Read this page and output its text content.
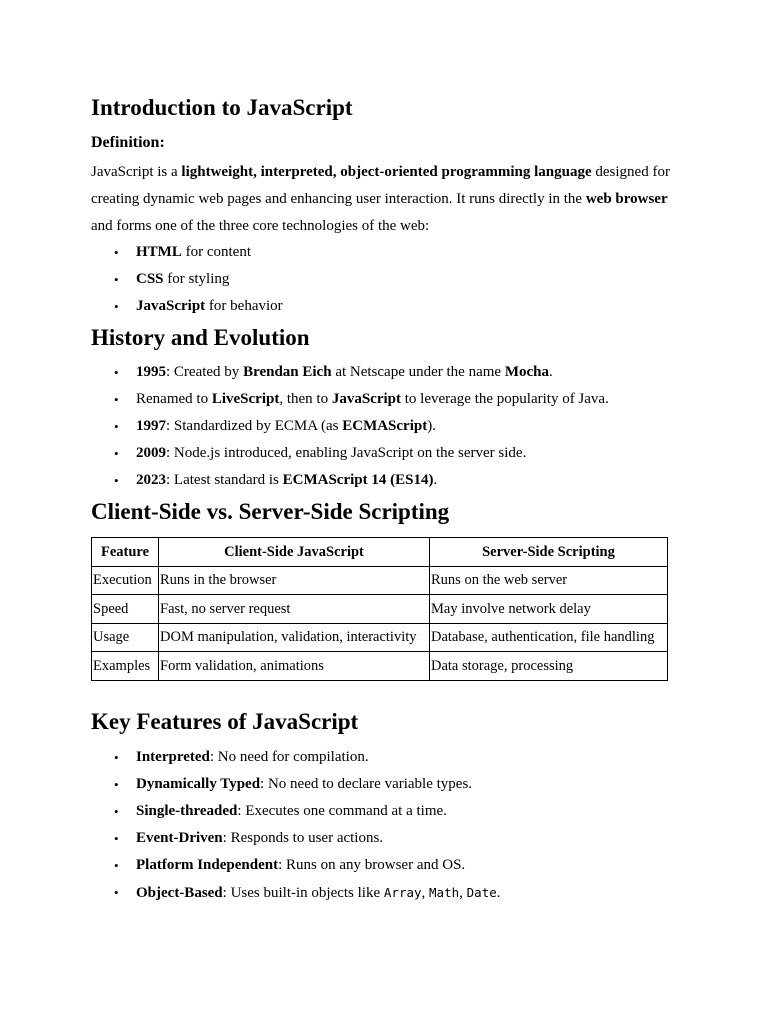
Introduction to JavaScript
Definition:
JavaScript is a lightweight, interpreted, object-oriented programming language designed for creating dynamic web pages and enhancing user interaction. It runs directly in the web browser and forms one of the three core technologies of the web:
• HTML for content
• CSS for styling
• JavaScript for behavior
History and Evolution
• 1995: Created by Brendan Eich at Netscape under the name Mocha.
• Renamed to LiveScript, then to JavaScript to leverage the popularity of Java.
• 1997: Standardized by ECMA (as ECMAScript).
• 2009: Node.js introduced, enabling JavaScript on the server side.
• 2023: Latest standard is ECMAScript 14 (ES14).
Client-Side vs. Server-Side Scripting
Feature	Client-Side JavaScript	Server-Side Scripting
Execution	Runs in the browser	Runs on the web server
Speed	Fast, no server request	May involve network delay
Usage	DOM manipulation, validation, interactivity	Database, authentication, file handling
Examples	Form validation, animations	Data storage, processing
Key Features of JavaScript
• Interpreted: No need for compilation.
• Dynamically Typed: No need to declare variable types.
• Single-threaded: Executes one command at a time.
• Event-Driven: Responds to user actions.
• Platform Independent: Runs on any browser and OS.
• Object-Based: Uses built-in objects like Array, Math, Date.
